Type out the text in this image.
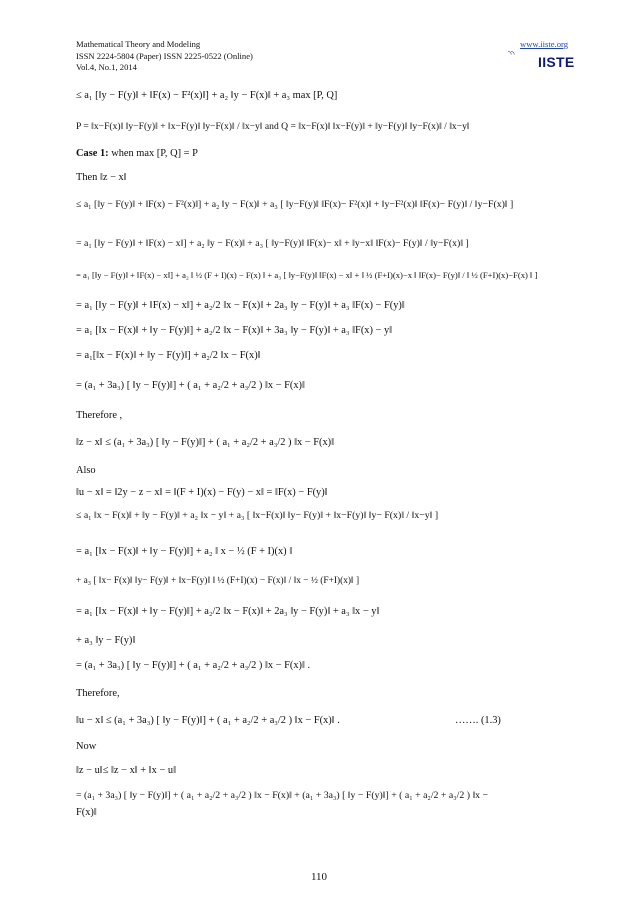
Mathematical Theory and Modeling
ISSN 2224-5804 (Paper) ISSN 2225-0522 (Online)
Vol.4, No.1, 2014
www.iiste.org
◝◝ IISTE
≤ a₁ [‖y − F(y)‖ + ‖F(x) − F²(x)‖] + a₂ ‖y − F(x)‖ + a₃ max [P, Q]
P = ‖x−F(x)‖ ‖y−F(y)‖ + ‖x−F(y)‖ ‖y−F(x)‖ / ‖x−y‖ and Q = ‖x−F(x)‖ ‖x−F(y)‖ + ‖y−F(y)‖ ‖y−F(x)‖ / ‖x−y‖
Case 1: when max [P, Q] = P
Then ‖z − x‖
≤ a₁ [‖y − F(y)‖ + ‖F(x) − F²(x)‖] + a₂ ‖y − F(x)‖ + a₃ [ ‖y−F(y)‖ ‖F(x)− F²(x)‖ + ‖y−F²(x)‖ ‖F(x)− F(y)‖ / ‖y−F(x)‖ ]
= a₁ [‖y − F(y)‖ + ‖F(x) − x‖] + a₂ ‖y − F(x)‖ + a₃ [ ‖y−F(y)‖ ‖F(x)− x‖ + ‖y−x‖ ‖F(x)− F(y)‖ / ‖y−F(x)‖ ]
= a₁ [‖y − F(y)‖ + ‖F(x) − x‖] + a₂ ‖ ½ (F + I)(x) − F(x) ‖ + a₃ [ ‖y−F(y)‖ ‖F(x) − x‖ + ‖ ½ (F+I)(x)−x ‖ ‖F(x)− F(y)‖ / ‖ ½ (F+I)(x)−F(x) ‖ ]
= a₁ [‖y − F(y)‖ + ‖F(x) − x‖] + a₂/2 ‖x − F(x)‖ + 2a₃ ‖y − F(y)‖ + a₃ ‖F(x) − F(y)‖
= a₁ [‖x − F(x)‖ + ‖y − F(y)‖] + a₂/2 ‖x − F(x)‖ + 3a₃ ‖y − F(y)‖ + a₃ ‖F(x) − y‖
= a₁[‖x − F(x)‖ + ‖y − F(y)‖] + a₂/2 ‖x − F(x)‖
= (a₁ + 3a₃) [ ‖y − F(y)‖] + ( a₁ + a₂/2 + a₃/2 ) ‖x − F(x)‖
Therefore ,
‖z − x‖ ≤ (a₁ + 3a₃) [ ‖y − F(y)‖] + ( a₁ + a₂/2 + a₃/2 ) ‖x − F(x)‖
Also
‖u − x‖ = ‖2y − z − x‖ = ‖(F + I)(x) − F(y) − x‖ = ‖F(x) − F(y)‖
≤ a₁ ‖x − F(x)‖ + ‖y − F(y)‖ + a₂ ‖x − y‖ + a₃ [ ‖x−F(x)‖ ‖y− F(y)‖ + ‖x−F(y)‖ ‖y− F(x)‖ / ‖x−y‖ ]
= a₁ [‖x − F(x)‖ + ‖y − F(y)‖] + a₂ ‖ x − ½ (F + I)(x) ‖
+ a₃ [ ‖x− F(x)‖ ‖y− F(y)‖ + ‖x−F(y)‖ ‖ ½ (F+I)(x) − F(x)‖ / ‖x − ½ (F+I)(x)‖ ]
= a₁ [‖x − F(x)‖ + ‖y − F(y)‖] + a₂/2 ‖x − F(x)‖ + 2a₃ ‖y − F(y)‖ + a₃ ‖x − y‖
+ a₃ ‖y − F(y)‖
= (a₁ + 3a₃) [ ‖y − F(y)‖] + ( a₁ + a₂/2 + a₃/2 ) ‖x − F(x)‖ .
Therefore,
‖u − x‖ ≤ (a₁ + 3a₃) [ ‖y − F(y)‖] + ( a₁ + a₂/2 + a₃/2 ) ‖x − F(x)‖ .	……. (1.3)
Now
‖z − u‖≤ ‖z − x‖ + ‖x − u‖
= (a₁ + 3a₃) [ ‖y − F(y)‖] + ( a₁ + a₂/2 + a₃/2 ) ‖x − F(x)‖ + (a₁ + 3a₃) [ ‖y − F(y)‖] + ( a₁ + a₂/2 + a₃/2 ) ‖x −
F(x)‖
110
